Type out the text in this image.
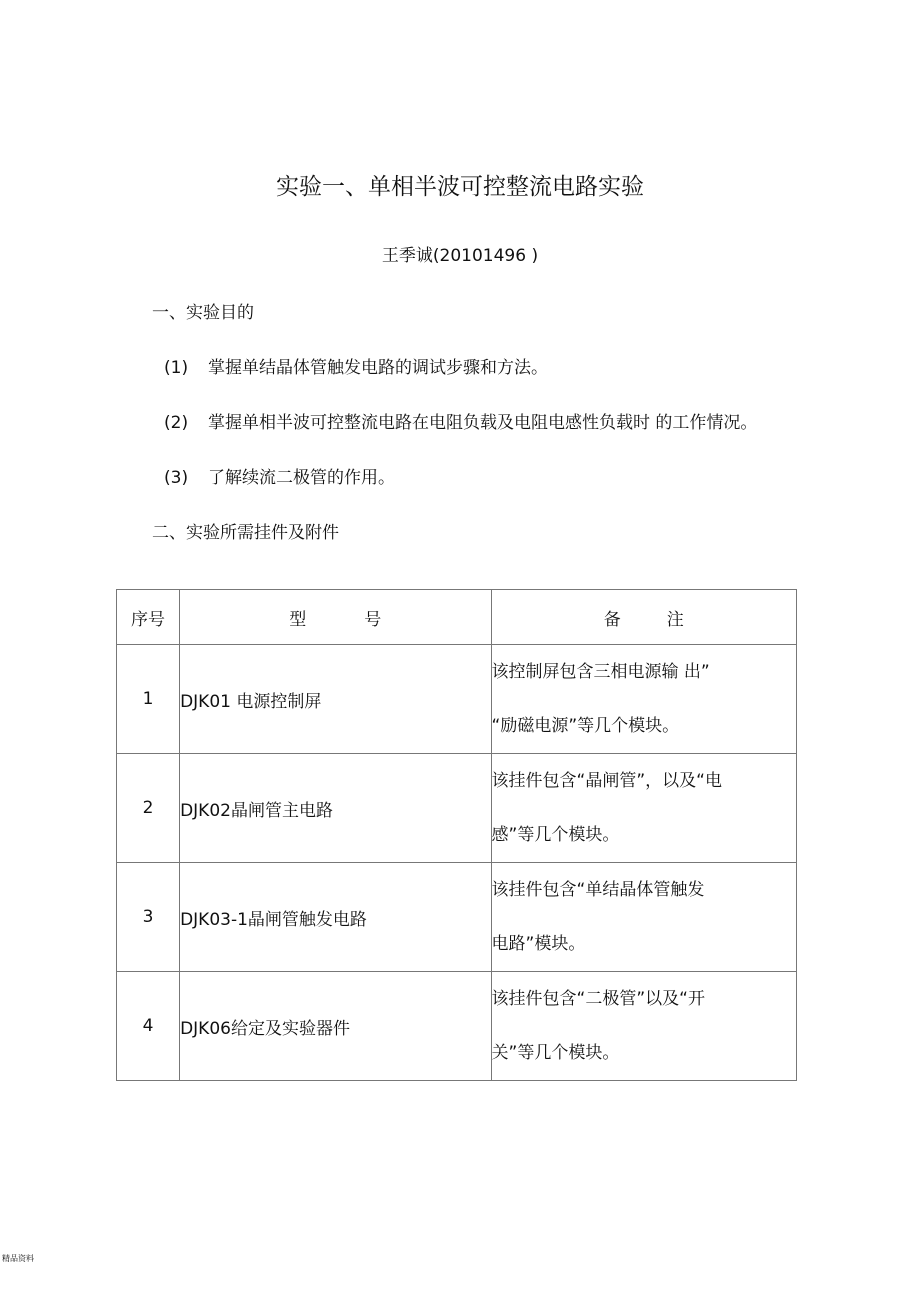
实验一、单相半波可控整流电路实验
王季诚(20101496 )
一、实验目的
(1) 掌握单结晶体管触发电路的调试步骤和方法。
(2) 掌握单相半波可控整流电路在电阻负载及电阻电感性负载时 的工作情况。
(3) 了解续流二极管的作用。
二、实验所需挂件及附件
序号	型 号	备 注
1	DJK01 电源控制屏	该控制屏包含三相电源输 出”
“励磁电源”等几个模块。

2	DJK02晶闸管主电路	该挂件包含“晶闸管”，以及“电
感”等几个模块。

3	DJK03-1晶闸管触发电路	该挂件包含“单结晶体管触发
电路”模块。

4	DJK06给定及实验器件	该挂件包含“二极管”以及“开
关”等几个模块。
精品资料
